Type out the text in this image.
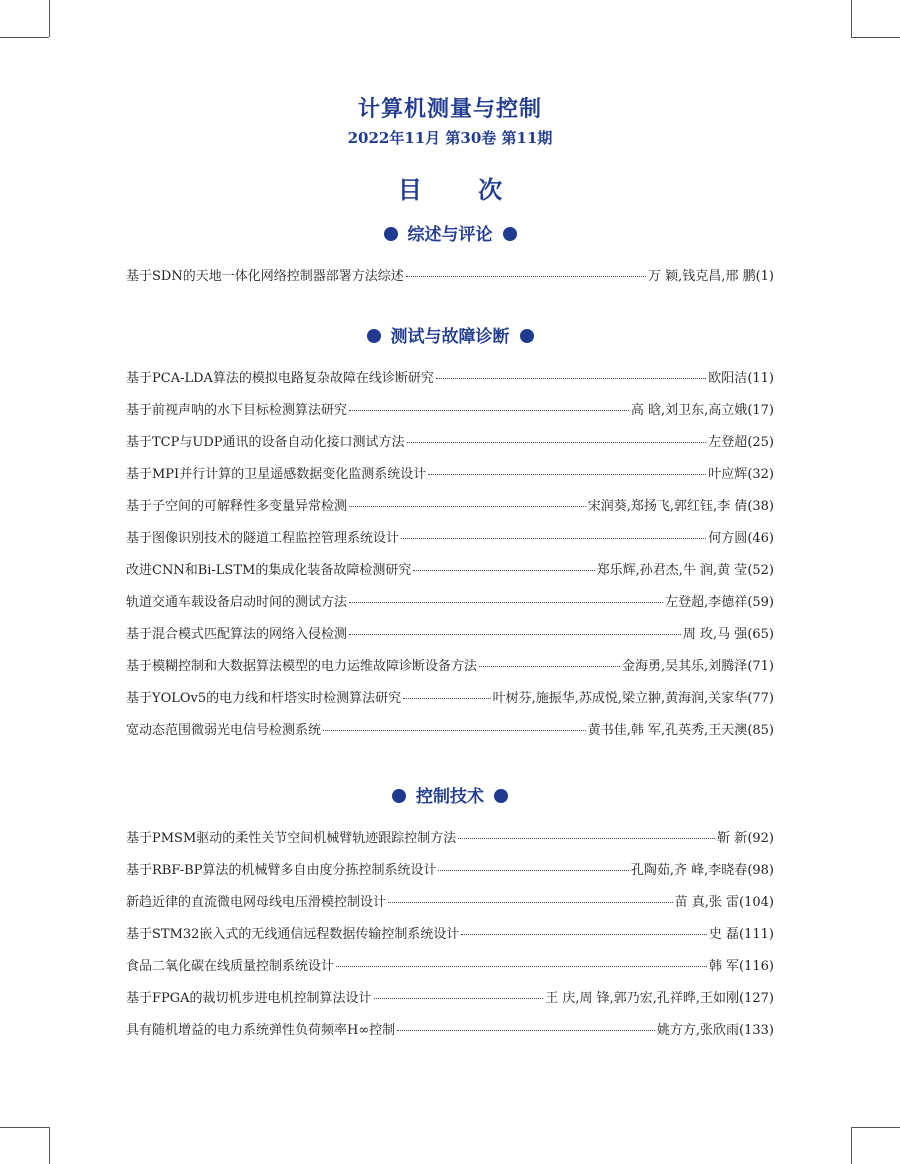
计算机测量与控制
2022年11月 第30卷 第11期
目 次
综述与评论
基于SDN的天地一体化网络控制器部署方法综述	万 颖,钱克昌,邢 鹏 (1)
测试与故障诊断
基于PCA-LDA算法的模拟电路复杂故障在线诊断研究	欧阳洁 (11)
基于前视声呐的水下目标检测算法研究	高 晗,刘卫东,高立娥 (17)
基于TCP与UDP通讯的设备自动化接口测试方法	左登超 (25)
基于MPI并行计算的卫星遥感数据变化监测系统设计	叶应辉 (32)
基于子空间的可解释性多变量异常检测	宋润葵,郑扬飞,郭红钰,李 倩 (38)
基于图像识别技术的隧道工程监控管理系统设计	何方圆 (46)
改进CNN和Bi-LSTM的集成化装备故障检测研究	郑乐辉,孙君杰,牛 润,黄 莹 (52)
轨道交通车载设备启动时间的测试方法	左登超,李德祥 (59)
基于混合模式匹配算法的网络入侵检测	周 玫,马 强 (65)
基于模糊控制和大数据算法模型的电力运维故障诊断设备方法	金海勇,吴其乐,刘腾泽 (71)
基于YOLOv5的电力线和杆塔实时检测算法研究	叶树芬,施振华,苏成悦,梁立翀,黄海润,关家华 (77)
宽动态范围微弱光电信号检测系统	黄书佳,韩 军,孔英秀,王天澳 (85)
控制技术
基于PMSM驱动的柔性关节空间机械臂轨迹跟踪控制方法	靳 新 (92)
基于RBF-BP算法的机械臂多自由度分拣控制系统设计	孔陶茹,齐 峰,李晓春 (98)
新趋近律的直流微电网母线电压滑模控制设计	苗 真,张 雷 (104)
基于STM32嵌入式的无线通信远程数据传输控制系统设计	史 磊 (111)
食品二氧化碳在线质量控制系统设计	韩 军 (116)
基于FPGA的裁切机步进电机控制算法设计	王 庆,周 锋,郭乃宏,孔祥晔,王如刚 (127)
具有随机增益的电力系统弹性负荷频率H∞控制	姚方方,张欣雨 (133)
